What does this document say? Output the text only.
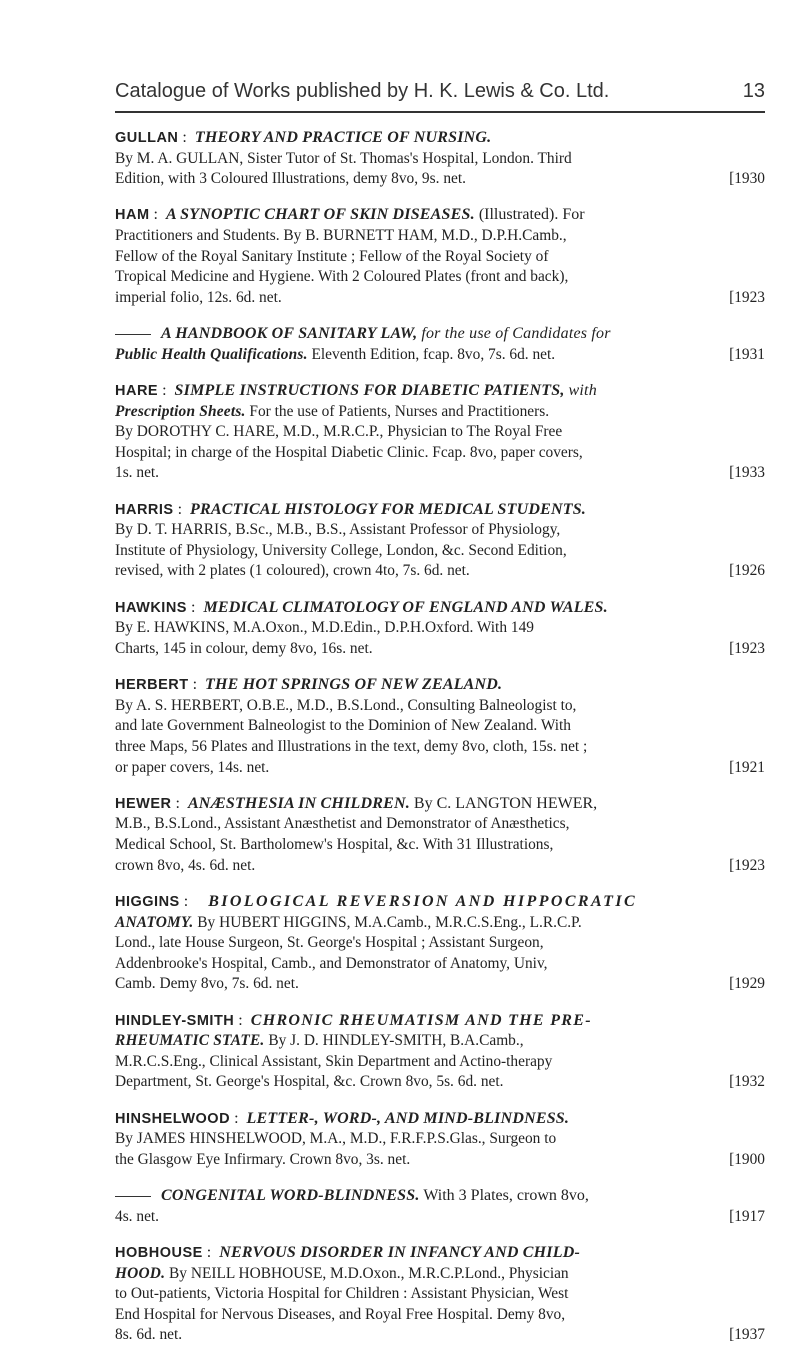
Catalogue of Works published by H. K. Lewis & Co. Ltd.	13
GULLAN :  THEORY AND PRACTICE OF NURSING.
By M. A. GULLAN, Sister Tutor of St. Thomas's Hospital, London. Third
Edition, with 3 Coloured Illustrations, demy 8vo, 9s. net.	[1930
HAM :  A SYNOPTIC CHART OF SKIN DISEASES. (Illustrated). For
Practitioners and Students. By B. BURNETT HAM, M.D., D.P.H.Camb.,
Fellow of the Royal Sanitary Institute ; Fellow of the Royal Society of
Tropical Medicine and Hygiene. With 2 Coloured Plates (front and back),
imperial folio, 12s. 6d. net.	[1923
A HANDBOOK OF SANITARY LAW, for the use of Candidates for
Public Health Qualifications. Eleventh Edition, fcap. 8vo, 7s. 6d. net.	[1931
HARE :  SIMPLE INSTRUCTIONS FOR DIABETIC PATIENTS, with
Prescription Sheets. For the use of Patients, Nurses and Practitioners.
By DOROTHY C. HARE, M.D., M.R.C.P., Physician to The Royal Free
Hospital; in charge of the Hospital Diabetic Clinic. Fcap. 8vo, paper covers,
1s. net.	[1933
HARRIS :  PRACTICAL HISTOLOGY FOR MEDICAL STUDENTS.
By D. T. HARRIS, B.Sc., M.B., B.S., Assistant Professor of Physiology,
Institute of Physiology, University College, London, &c. Second Edition,
revised, with 2 plates (1 coloured), crown 4to, 7s. 6d. net.	[1926
HAWKINS :  MEDICAL CLIMATOLOGY OF ENGLAND AND WALES.
By E. HAWKINS, M.A.Oxon., M.D.Edin., D.P.H.Oxford. With 149
Charts, 145 in colour, demy 8vo, 16s. net.	[1923
HERBERT :  THE HOT SPRINGS OF NEW ZEALAND.
By A. S. HERBERT, O.B.E., M.D., B.S.Lond., Consulting Balneologist to,
and late Government Balneologist to the Dominion of New Zealand. With
three Maps, 56 Plates and Illustrations in the text, demy 8vo, cloth, 15s. net ;
or paper covers, 14s. net.	[1921
HEWER :  ANÆSTHESIA IN CHILDREN. By C. LANGTON HEWER,
M.B., B.S.Lond., Assistant Anæsthetist and Demonstrator of Anæsthetics,
Medical School, St. Bartholomew's Hospital, &c. With 31 Illustrations,
crown 8vo, 4s. 6d. net.	[1923
HIGGINS :     BIOLOGICAL REVERSION AND HIPPOCRATIC
ANATOMY. By HUBERT HIGGINS, M.A.Camb., M.R.C.S.Eng., L.R.C.P.
Lond., late House Surgeon, St. George's Hospital ; Assistant Surgeon,
Addenbrooke's Hospital, Camb., and Demonstrator of Anatomy, Univ,
Camb. Demy 8vo, 7s. 6d. net.	[1929
HINDLEY-SMITH :  CHRONIC RHEUMATISM AND THE PRE-
RHEUMATIC STATE. By J. D. HINDLEY-SMITH, B.A.Camb.,
M.R.C.S.Eng., Clinical Assistant, Skin Department and Actino-therapy
Department, St. George's Hospital, &c. Crown 8vo, 5s. 6d. net.	[1932
HINSHELWOOD :  LETTER-, WORD-, AND MIND-BLINDNESS.
By JAMES HINSHELWOOD, M.A., M.D., F.R.F.P.S.Glas., Surgeon to
the Glasgow Eye Infirmary. Crown 8vo, 3s. net.	[1900
CONGENITAL WORD-BLINDNESS. With 3 Plates, crown 8vo,
4s. net.	[1917
HOBHOUSE :  NERVOUS DISORDER IN INFANCY AND CHILD-
HOOD. By NEILL HOBHOUSE, M.D.Oxon., M.R.C.P.Lond., Physician
to Out-patients, Victoria Hospital for Children : Assistant Physician, West
End Hospital for Nervous Diseases, and Royal Free Hospital. Demy 8vo,
8s. 6d. net.	[1937
